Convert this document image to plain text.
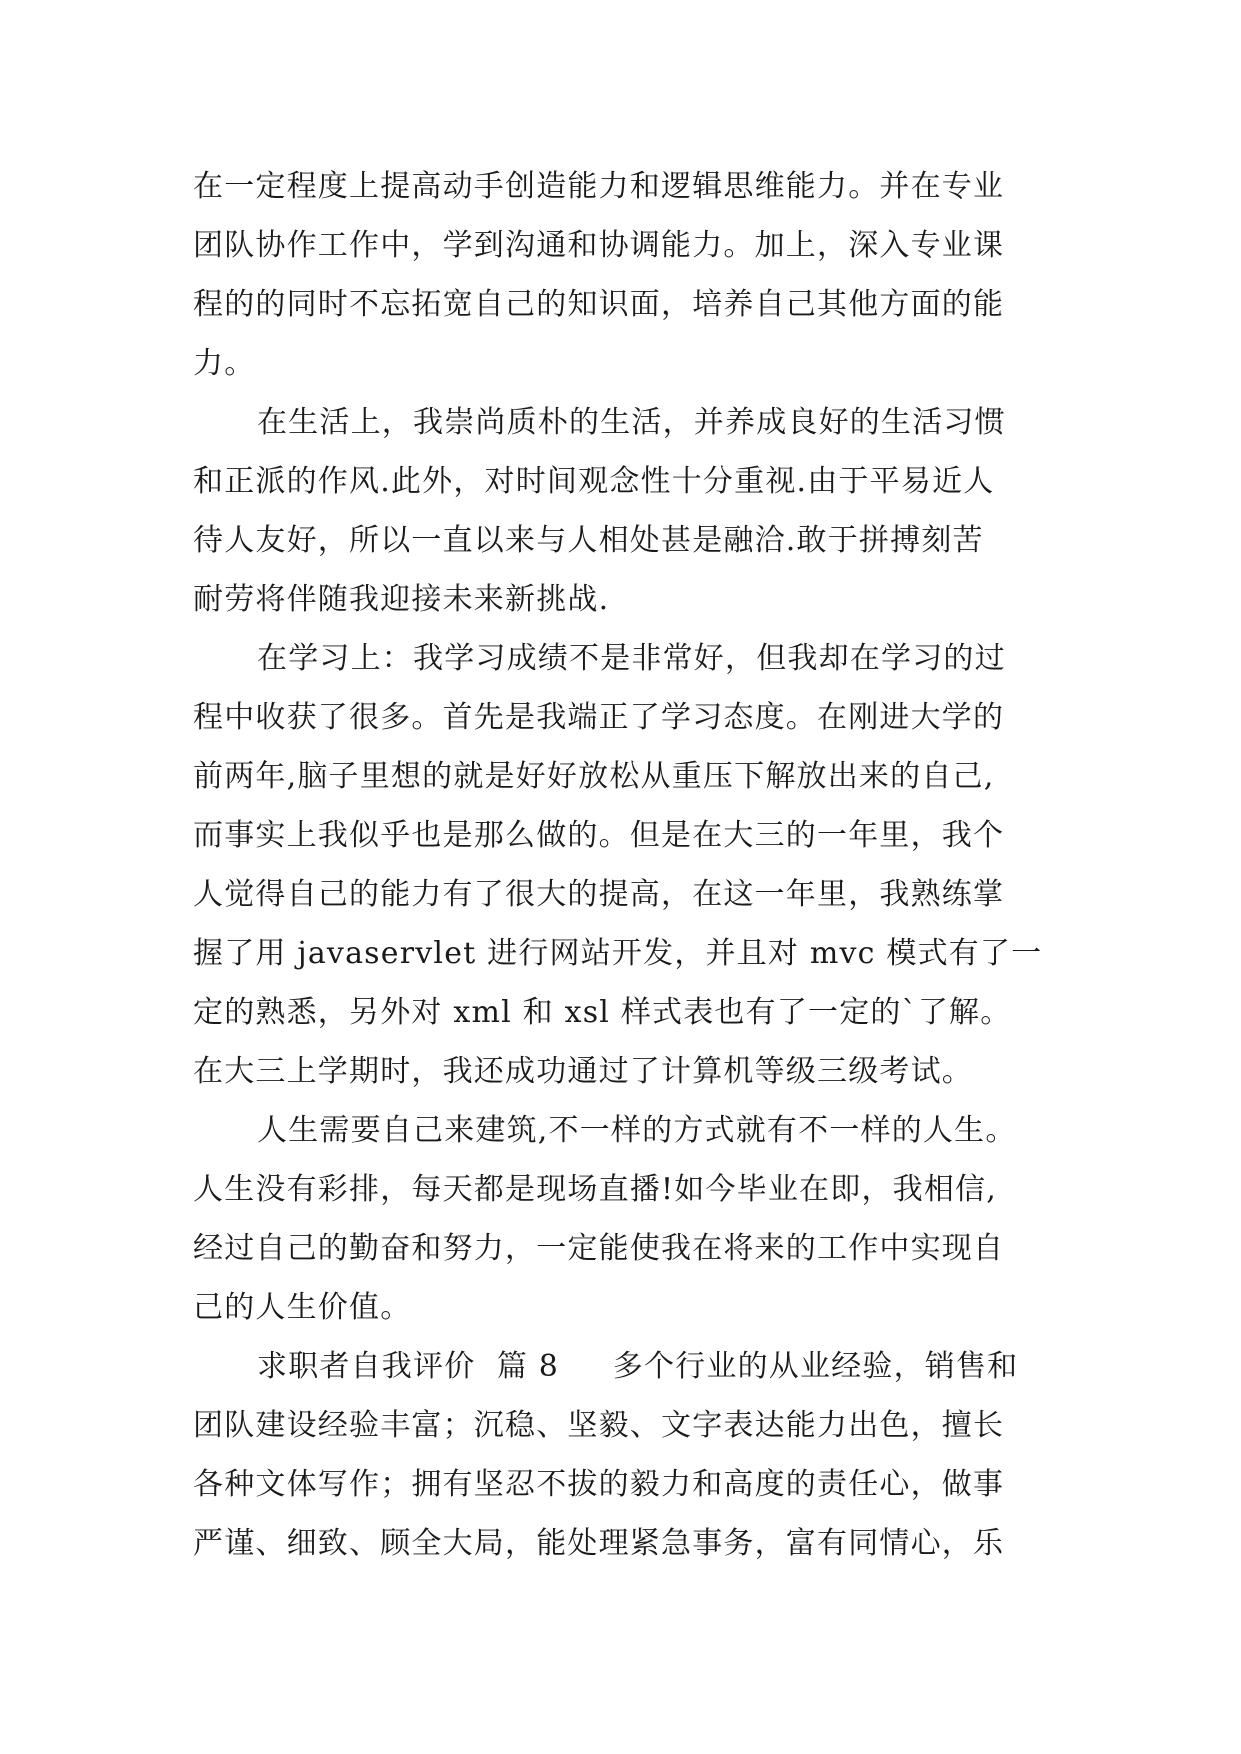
在一定程度上提高动手创造能力和逻辑思维能力。并在专业
团队协作工作中，学到沟通和协调能力。加上，深入专业课
程的的同时不忘拓宽自己的知识面，培养自己其他方面的能
力。
在生活上，我崇尚质朴的生活，并养成良好的生活习惯
和正派的作风.此外，对时间观念性十分重视.由于平易近人
待人友好，所以一直以来与人相处甚是融洽.敢于拼搏刻苦
耐劳将伴随我迎接未来新挑战.
在学习上：我学习成绩不是非常好，但我却在学习的过
程中收获了很多。首先是我端正了学习态度。在刚进大学的
前两年,脑子里想的就是好好放松从重压下解放出来的自己,
而事实上我似乎也是那么做的。但是在大三的一年里，我个
人觉得自己的能力有了很大的提高，在这一年里，我熟练掌
握了用 javaservlet 进行网站开发，并且对 mvc 模式有了一
定的熟悉，另外对 xml 和 xsl 样式表也有了一定的`了解。
在大三上学期时，我还成功通过了计算机等级三级考试。
人生需要自己来建筑,不一样的方式就有不一样的人生。
人生没有彩排，每天都是现场直播!如今毕业在即，我相信,
经过自己的勤奋和努力，一定能使我在将来的工作中实现自
己的人生价值。
求职者自我评价  篇 8     多个行业的从业经验，销售和
团队建设经验丰富；沉稳、坚毅、文字表达能力出色，擅长
各种文体写作；拥有坚忍不拔的毅力和高度的责任心，做事
严谨、细致、顾全大局，能处理紧急事务，富有同情心，乐
